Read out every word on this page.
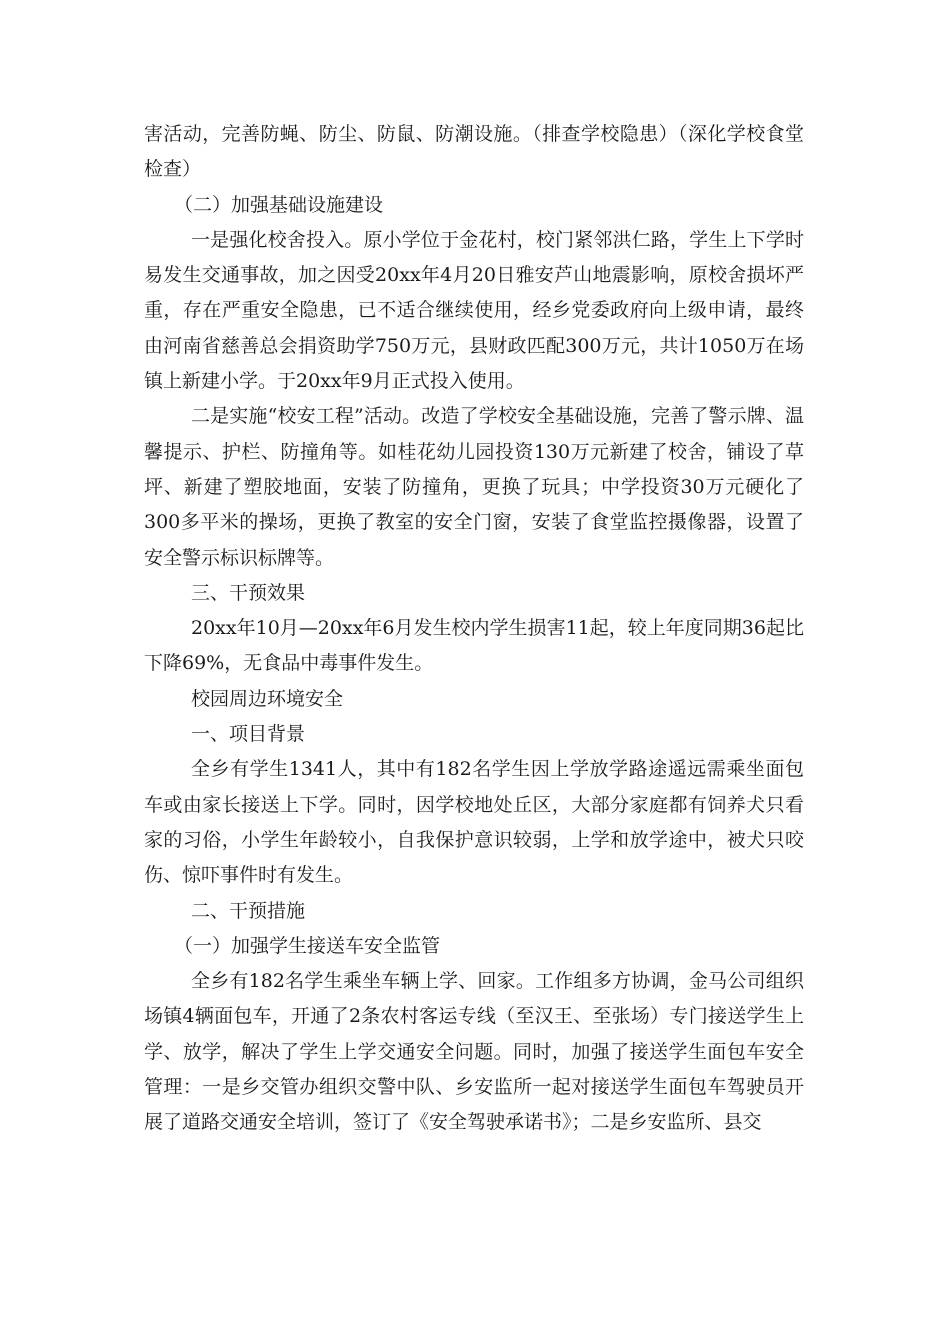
害活动，完善防蝇、防尘、防鼠、防潮设施。（排查学校隐患）（深化学校食堂检查）

（二）加强基础设施建设

一是强化校舍投入。原小学位于金花村，校门紧邻洪仁路，学生上下学时易发生交通事故，加之因受20xx年4月20日雅安芦山地震影响，原校舍损坏严重，存在严重安全隐患，已不适合继续使用，经乡党委政府向上级申请，最终由河南省慈善总会捐资助学750万元，县财政匹配300万元，共计1050万在场镇上新建小学。于20xx年9月正式投入使用。

二是实施“校安工程”活动。改造了学校安全基础设施，完善了警示牌、温馨提示、护栏、防撞角等。如桂花幼儿园投资130万元新建了校舍，铺设了草坪、新建了塑胶地面，安装了防撞角，更换了玩具；中学投资30万元硬化了300多平米的操场，更换了教室的安全门窗，安装了食堂监控摄像器，设置了安全警示标识标牌等。

三、干预效果

20xx年10月—20xx年6月发生校内学生损害11起，较上年度同期36起比下降69%，无食品中毒事件发生。

校园周边环境安全

一、项目背景

全乡有学生1341人，其中有182名学生因上学放学路途遥远需乘坐面包车或由家长接送上下学。同时，因学校地处丘区，大部分家庭都有饲养犬只看家的习俗，小学生年龄较小，自我保护意识较弱，上学和放学途中，被犬只咬伤、惊吓事件时有发生。

二、干预措施

（一）加强学生接送车安全监管

全乡有182名学生乘坐车辆上学、回家。工作组多方协调，金马公司组织场镇4辆面包车，开通了2条农村客运专线（至汉王、至张场）专门接送学生上学、放学，解决了学生上学交通安全问题。同时，加强了接送学生面包车安全管理：一是乡交管办组织交警中队、乡安监所一起对接送学生面包车驾驶员开展了道路交通安全培训，签订了《安全驾驶承诺书》；二是乡安监所、县交
